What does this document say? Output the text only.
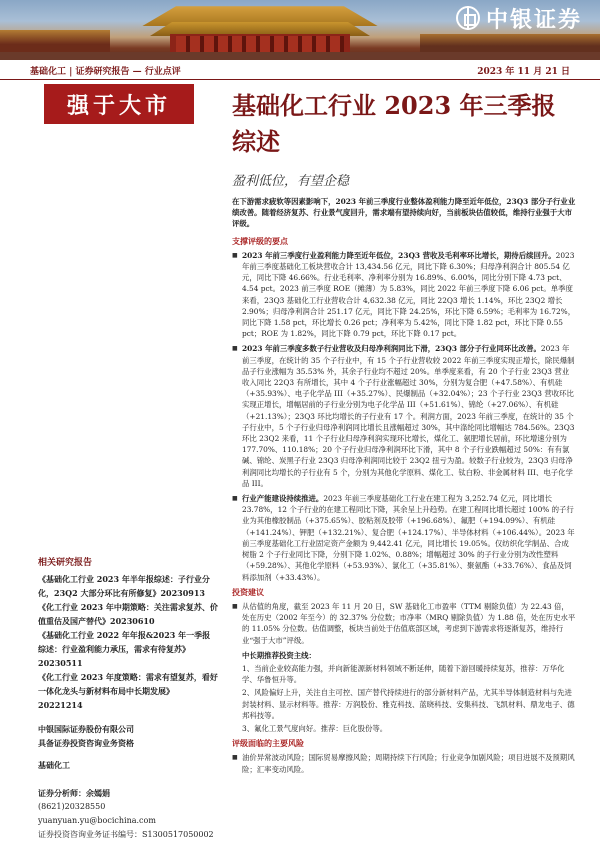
中银证券
基础化工 | 证券研究报告 — 行业点评	2023 年 11 月 21 日
强于大市	基础化工行业 2023 年三季报综述
盈利低位，有望企稳

在下游需求疲软等因素影响下，2023 年前三季度行业整体盈利能力降至近年低位，23Q3 部分子行业业绩改善。随着经济复苏、行业景气度回升，需求端有望持续向好，当前板块估值较低，维持行业强于大市评级。

支撑评级的要点
■ 2023 年前三季度行业盈利能力降至近年低位，23Q3 营收及毛利率环比增长，期待后续回升。2023 年前三季度基础化工板块营收合计 13,434.56 亿元，同比下降 6.30%；归母净利润合计 805.54 亿元，同比下降 46.66%。行业毛利率、净利率分别为 16.89%、6.00%，同比分别下降 4.73 pct、4.54 pct。2023 前三季度 ROE（摊薄）为 5.83%，同比 2022 年前三季度下降 6.06 pct。单季度来看，23Q3 基础化工行业营收合计 4,632.38 亿元，同比 22Q3 增长 1.14%，环比 23Q2 增长 2.90%；归母净利润合计 251.17 亿元，同比下降 24.25%，环比下降 6.59%；毛利率为 16.72%，同比下降 1.58 pct，环比增长 0.26 pct；净利率为 5.42%，同比下降 1.82 pct，环比下降 0.55 pct；ROE 为 1.82%，同比下降 0.79 pct，环比下降 0.17 pct。
■ 2023 年前三季度多数子行业营收及归母净利润同比下滑，23Q3 部分子行业同环比改善。2023 年前三季度，在统计的 35 个子行业中，有 15 个子行业营收较 2022 年前三季度实现正增长，除民爆制品子行业涨幅为 35.53% 外，其余子行业均不超过 20%。单季度来看，有 20 个子行业 23Q3 营业收入同比 22Q3 有所增长，其中 4 个子行业涨幅超过 30%，分别为复合肥（+47.58%）、有机硅（+35.93%）、电子化学品 III（+35.27%）、民爆制品（+32.04%）；23 个子行业 23Q3 营收环比实现正增长，增幅居前的子行业分别为电子化学品 III（+51.61%）、锦纶（+27.06%）、有机硅（+21.13%）；23Q3 环比均增长的子行业有 17 个。利润方面，2023 年前三季度，在统计的 35 个子行业中，5 个子行业归母净利润同比增长且涨幅超过 30%，其中涤纶同比增幅达 784.56%。23Q3 环比 23Q2 来看，11 个子行业归母净利润实现环比增长，煤化工、氨肥增长居前，环比增速分别为 177.70%、110.18%；20 个子行业归母净利润环比下滑，其中 8 个子行业跌幅超过 50%：有有氯碱、锦纶、炭黑子行业 23Q3 归母净利润同比较于 23Q2 扭亏为盈。较数子行业较为，23Q3 归母净利润同比均增长的子行业有 5 个，分别为其他化学原料、煤化工、钛白粉、非金属材料 III、电子化学品 III。
■ 行业产能建设持续推进。2023 年前三季度基础化工行业在建工程为 3,252.74 亿元，同比增长 23.78%，12 个子行业的在建工程同比下降，其余呈上升趋势。在建工程同比增长超过 100% 的子行业为其他橡胶制品（+375.65%）、胶粘剂及胶带（+196.68%）、氟肥（+194.09%）、有机硅（+141.24%）、钾肥（+132.21%）、复合肥（+124.17%）、半导体材料（+106.44%）。2023 年前三季度基础化工行业固定资产金额为 9,442.41 亿元，同比增长 19.05%。仅纺织化学制品、合成树脂 2 个子行业同比下降，分别下降 1.02%、0.88%；增幅超过 30% 的子行业分别为改性塑料（+59.28%）、其他化学原料（+53.93%）、氯化工（+35.81%）、聚氨酯（+33.76%）、食品及饲料添加剂（+33.43%）。
投资建议
■ 从估值的角度，截至 2023 年 11 月 20 日，SW 基础化工市盈率（TTM 剔除负值）为 22.43 倍，处在历史（2002 年至今）的 32.37% 分位数；市净率（MRQ 剔除负值）为 1.88 倍，处在历史水平的 11.05% 分位数。估值调整，板块当前处于估值底部区域，考虑到下游需求将逐渐复苏，维持行业“强于大市”评级。
中长期推荐投资主线：
1、当前企业较高能力强，并向新能源新材料领域不断延伸，随着下游回暖持续复苏，推荐：万华化学、华鲁恒升等。
2、风险偏好上升，关注自主可控、国产替代持续进行的部分新材料产品，尤其半导体制造材料与先进封装材料、显示材料等。推荐：万润股份、雅克科技、蓝晓科技、安集科技、飞凯材料、鼎龙电子、德邦科技等。
3、氟化工景气度向好。推荐：巨化股份等。
评级面临的主要风险
■ 油价异常波动风险；国际贸易摩擦风险；周期持续下行风险；行业竞争加剧风险；项目进展不及预期风险；汇率变动风险。
相关研究报告
《基础化工行业 2023 年半年报综述：子行业分化，23Q2 大部分环比有所修复》20230913
《化工行业 2023 年中期策略：关注需求复苏、价值重估及国产替代》20230610
《基础化工行业 2022 年年报&2023 年一季报综述：行业盈利能力承压，需求有待复苏》20230511
《化工行业 2023 年度策略：需求有望复苏，看好一体化龙头与新材料布局中长期发展》20221214
中银国际证券股份有限公司
具备证券投资咨询业务资格
基础化工
证券分析师：余嫣娟
(8621)20328550
yuanyuan.yu@bocichina.com
证券投资咨询业务证书编号：S1300517050002
